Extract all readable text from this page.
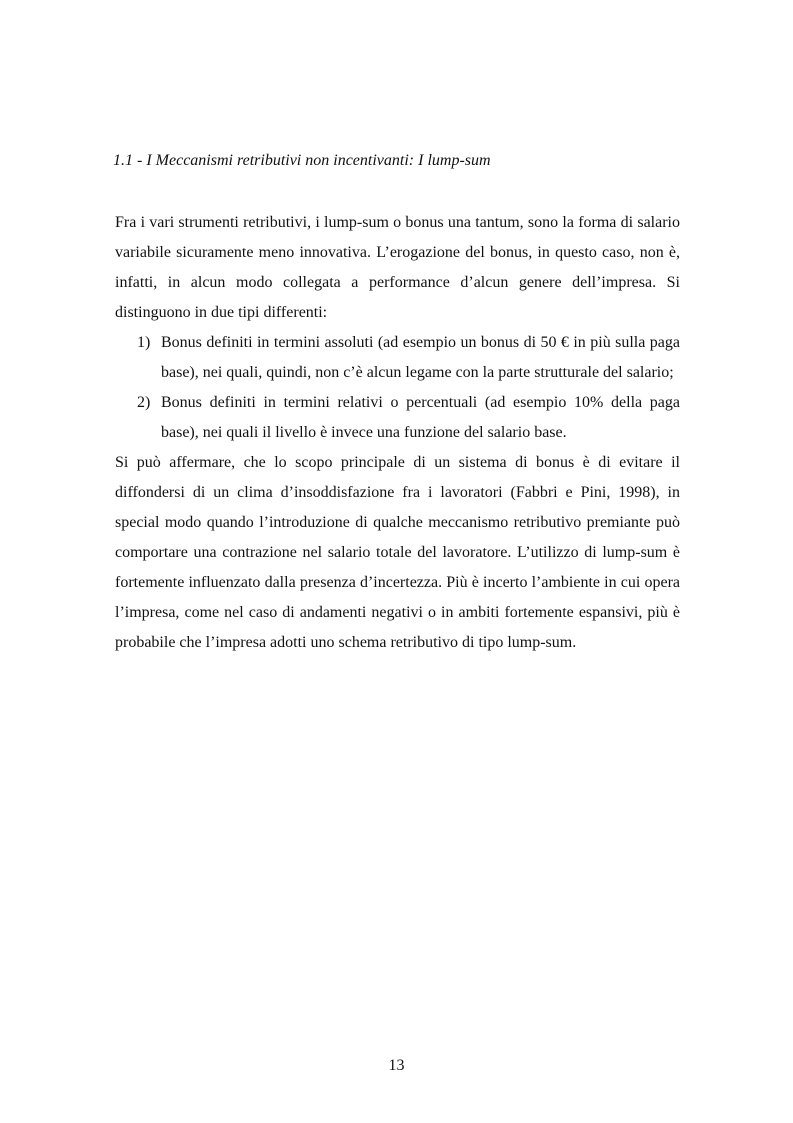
1.1 - I Meccanismi retributivi non incentivanti: I lump-sum

Fra i vari strumenti retributivi, i lump-sum o bonus una tantum, sono la forma di salario variabile sicuramente meno innovativa. L’erogazione del bonus, in questo caso, non è, infatti, in alcun modo collegata a performance d’alcun genere dell’impresa. Si distinguono in due tipi differenti:

1) Bonus definiti in termini assoluti (ad esempio un bonus di 50 € in più sulla paga base), nei quali, quindi, non c’è alcun legame con la parte strutturale del salario;
2) Bonus definiti in termini relativi o percentuali (ad esempio 10% della paga base), nei quali il livello è invece una funzione del salario base.

Si può affermare, che lo scopo principale di un sistema di bonus è di evitare il diffondersi di un clima d’insoddisfazione fra i lavoratori (Fabbri e Pini, 1998), in special modo quando l’introduzione di qualche meccanismo retributivo premiante può comportare una contrazione nel salario totale del lavoratore. L’utilizzo di lump-sum è fortemente influenzato dalla presenza d’incertezza. Più è incerto l’ambiente in cui opera l’impresa, come nel caso di andamenti negativi o in ambiti fortemente espansivi, più è probabile che l’impresa adotti uno schema retributivo di tipo lump-sum.

13
